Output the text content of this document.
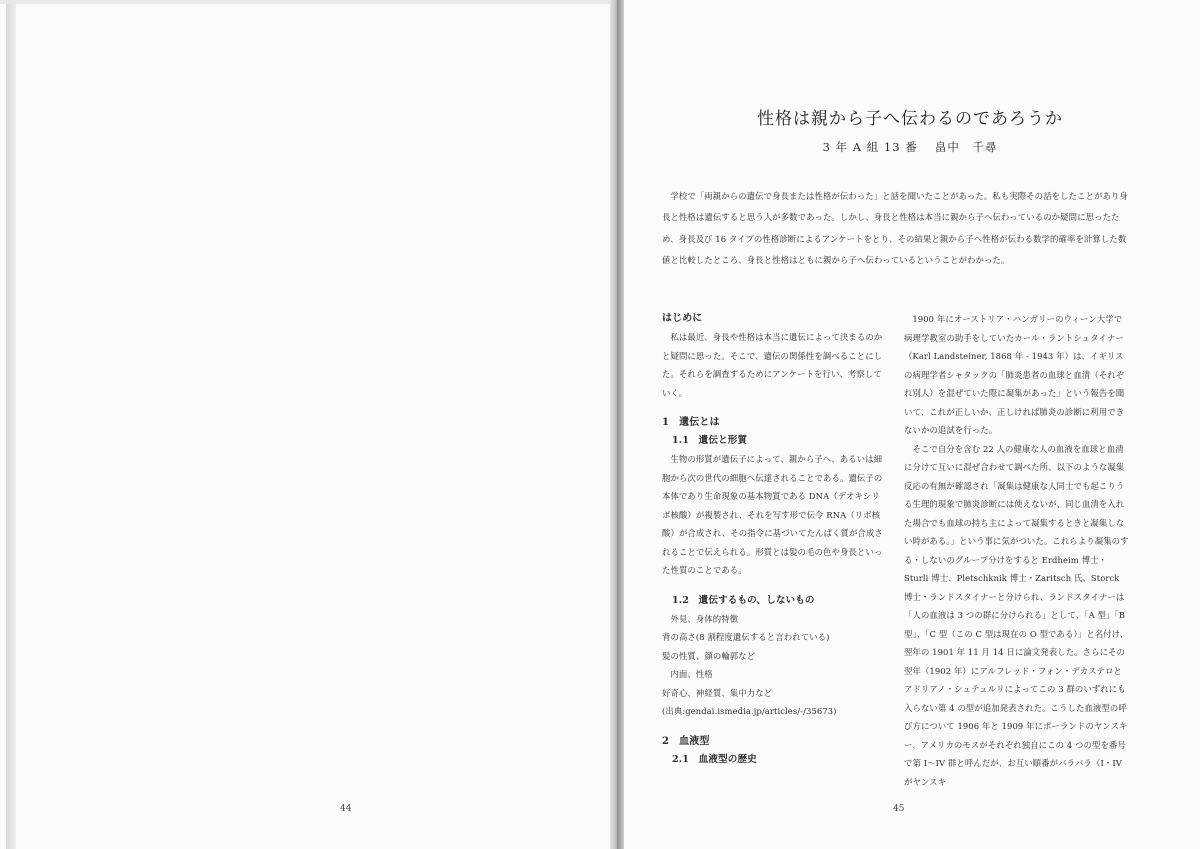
44
性格は親から子へ伝わるのであろうか
3 年 A 組 13 番　 畠中　千尋

学校で「両親からの遺伝で身長または性格が伝わった」と話を聞いたことがあった。私も実際その話をしたことがあり身長と性格は遺伝すると思う人が多数であった。しかし、身長と性格は本当に親から子へ伝わっているのか疑問に思ったため、身長及び 16 タイプの性格診断によるアンケートをとり、その結果と親から子へ性格が伝わる数学的確率を計算した数値と比較したところ、身長と性格はともに親から子へ伝わっているということがわかった。

はじめに

私は最近、身長や性格は本当に遺伝によって決まるのかと疑問に思った。そこで、遺伝の関係性を調べることにした。それらを調査するためにアンケートを行い、考察していく。

1　遺伝とは

1.1　遺伝と形質

生物の形質が遺伝子によって、親から子へ、あるいは細胞から次の世代の細胞へ伝達されることである。遺伝子の本体であり生命現象の基本物質である DNA（デオキシリボ核酸）が複製され、それを写す形で伝令 RNA（リボ核酸）が合成され、その指令に基づいてたんぱく質が合成されることで伝えられる。形質とは髪の毛の色や身長といった性質のことである。

1.2　遺伝するもの、しないもの

外見、身体的特徴

背の高さ(8 割程度遺伝すると言われている)

髪の性質、顔の輪郭など

内面、性格

好奇心、神経質、集中力など

(出典:gendai.ismedia.jp/articles/-/35673)

2　血液型

2.1　血液型の歴史

1900 年にオーストリア・ハンガリーのウィーン大学で病理学教室の助手をしていたカール・ラントシュタイナー（Karl Landsteiner, 1868 年 - 1943 年）は、イギリスの病理学者シャタックの「肺炎患者の血球と血清（それぞれ別人）を混ぜていた際に凝集があった」という報告を聞いて、これが正しいか、正しければ肺炎の診断に利用できないかの追試を行った。

そこで自分を含む 22 人の健康な人の血液を血球と血清に分けて互いに混ぜ合わせて調べた所、以下のような凝集反応の有無が確認され「凝集は健康な人同士でも起こりうる生理的現象で肺炎診断には使えないが、同じ血清を入れた場合でも血球の持ち主によって凝集するときと凝集しない時がある。」という事に気がついた。これらより凝集のする・しないのグループ分けをすると Erdheim 博士・Sturli 博士、Pletschknik 博士・Zaritsch 氏、Storck 博士・ランドスタイナーと分けられ、ランドスタイナーは「人の血液は 3 つの群に分けられる」として、「A 型」「B 型」、「C 型（この C 型は現在の O 型である）」と名付け、翌年の 1901 年 11 月 14 日に論文発表した。さらにその翌年（1902 年）にアルフレッド・フォン・デカステロとアドリアノ・シュテュルリによってこの 3 群のいずれにも入らない第 4 の型が追加発表された。こうした血液型の呼び方について 1906 年と 1909 年にポーランドのヤンスキー、アメリカのモスがそれぞれ独自にこの 4 つの型を番号で第 I～IV 群と呼んだが、お互い順番がバラバラ（I・IV がヤンスキ

45
